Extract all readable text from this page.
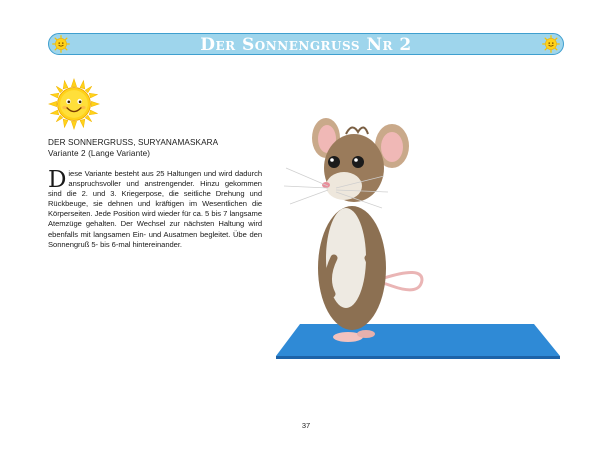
Der Sonnengruss Nr 2
DER SONNERGRUSS, SURYANAMASKARA
Variante 2 (Lange Variante)
Diese Variante besteht aus 25 Haltungen und wird dadurch anspruchsvoller und anstrengender. Hinzu gekommen sind die 2. und 3. Kriegerpose, die seitliche Drehung und Rückbeuge, sie dehnen und kräftigen im Wesentlichen die Körperseiten. Jede Position wird wieder für ca. 5 bis 7 langsame Atemzüge gehalten. Der Wechsel zur nächsten Haltung wird ebenfalls mit langsamen Ein- und Ausatmen begleitet. Übe den Sonnengruß 5- bis 6-mal hintereinander.
37
